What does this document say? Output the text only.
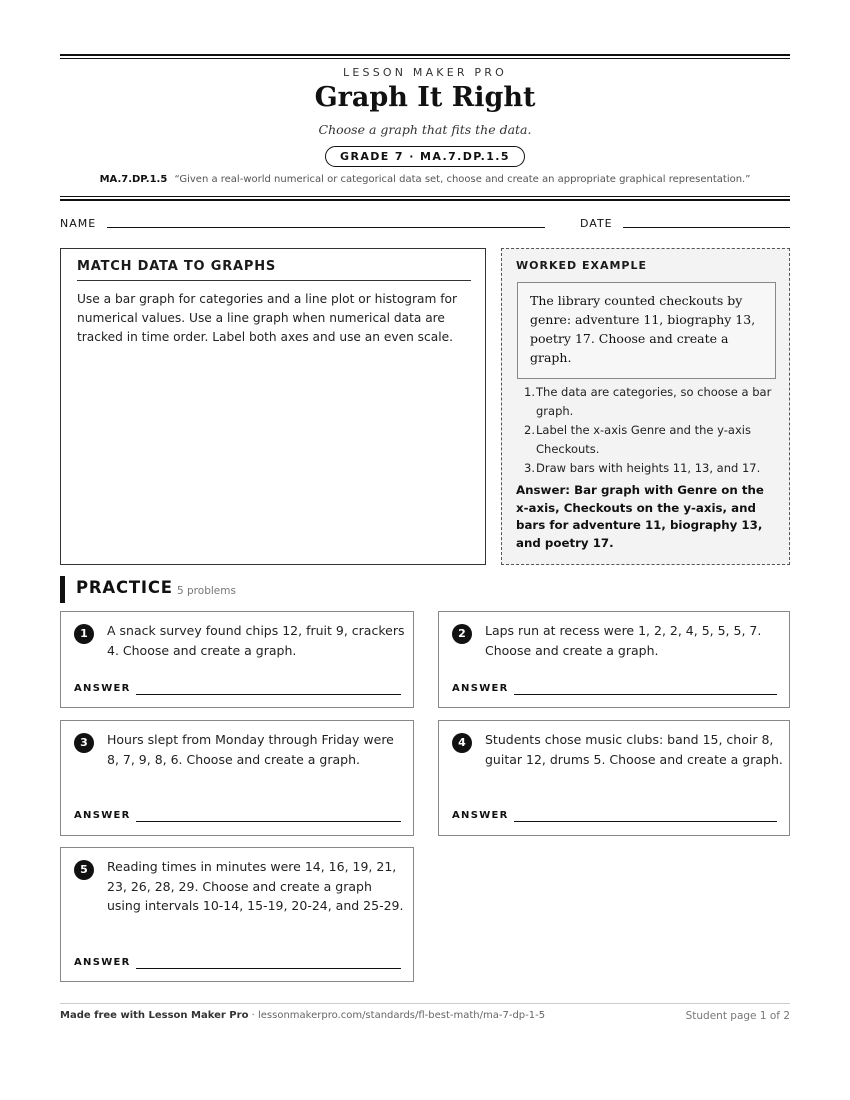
LESSON MAKER PRO
Graph It Right
Choose a graph that fits the data.
GRADE 7 · MA.7.DP.1.5
MA.7.DP.1.5 “Given a real-world numerical or categorical data set, choose and create an appropriate graphical representation.”
NAME	DATE
MATCH DATA TO GRAPHS
Use a bar graph for categories and a line plot or histogram for numerical values. Use a line graph when numerical data are tracked in time order. Label both axes and use an even scale.
WORKED EXAMPLE
The library counted checkouts by genre: adventure 11, biography 13, poetry 17. Choose and create a graph.
1. The data are categories, so choose a bar graph.
2. Label the x-axis Genre and the y-axis Checkouts.
3. Draw bars with heights 11, 13, and 17.
Answer: Bar graph with Genre on the x-axis, Checkouts on the y-axis, and bars for adventure 11, biography 13, and poetry 17.
PRACTICE 5 problems
1	A snack survey found chips 12, fruit 9, crackers 4. Choose and create a graph.
ANSWER
2	Laps run at recess were 1, 2, 2, 4, 5, 5, 5, 7. Choose and create a graph.
ANSWER
3	Hours slept from Monday through Friday were 8, 7, 9, 8, 6. Choose and create a graph.
ANSWER
4	Students chose music clubs: band 15, choir 8, guitar 12, drums 5. Choose and create a graph.
ANSWER
5	Reading times in minutes were 14, 16, 19, 21, 23, 26, 28, 29. Choose and create a graph using intervals 10-14, 15-19, 20-24, and 25-29.
ANSWER
Made free with Lesson Maker Pro · lessonmakerpro.com/standards/fl-best-math/ma-7-dp-1-5	Student page 1 of 2
